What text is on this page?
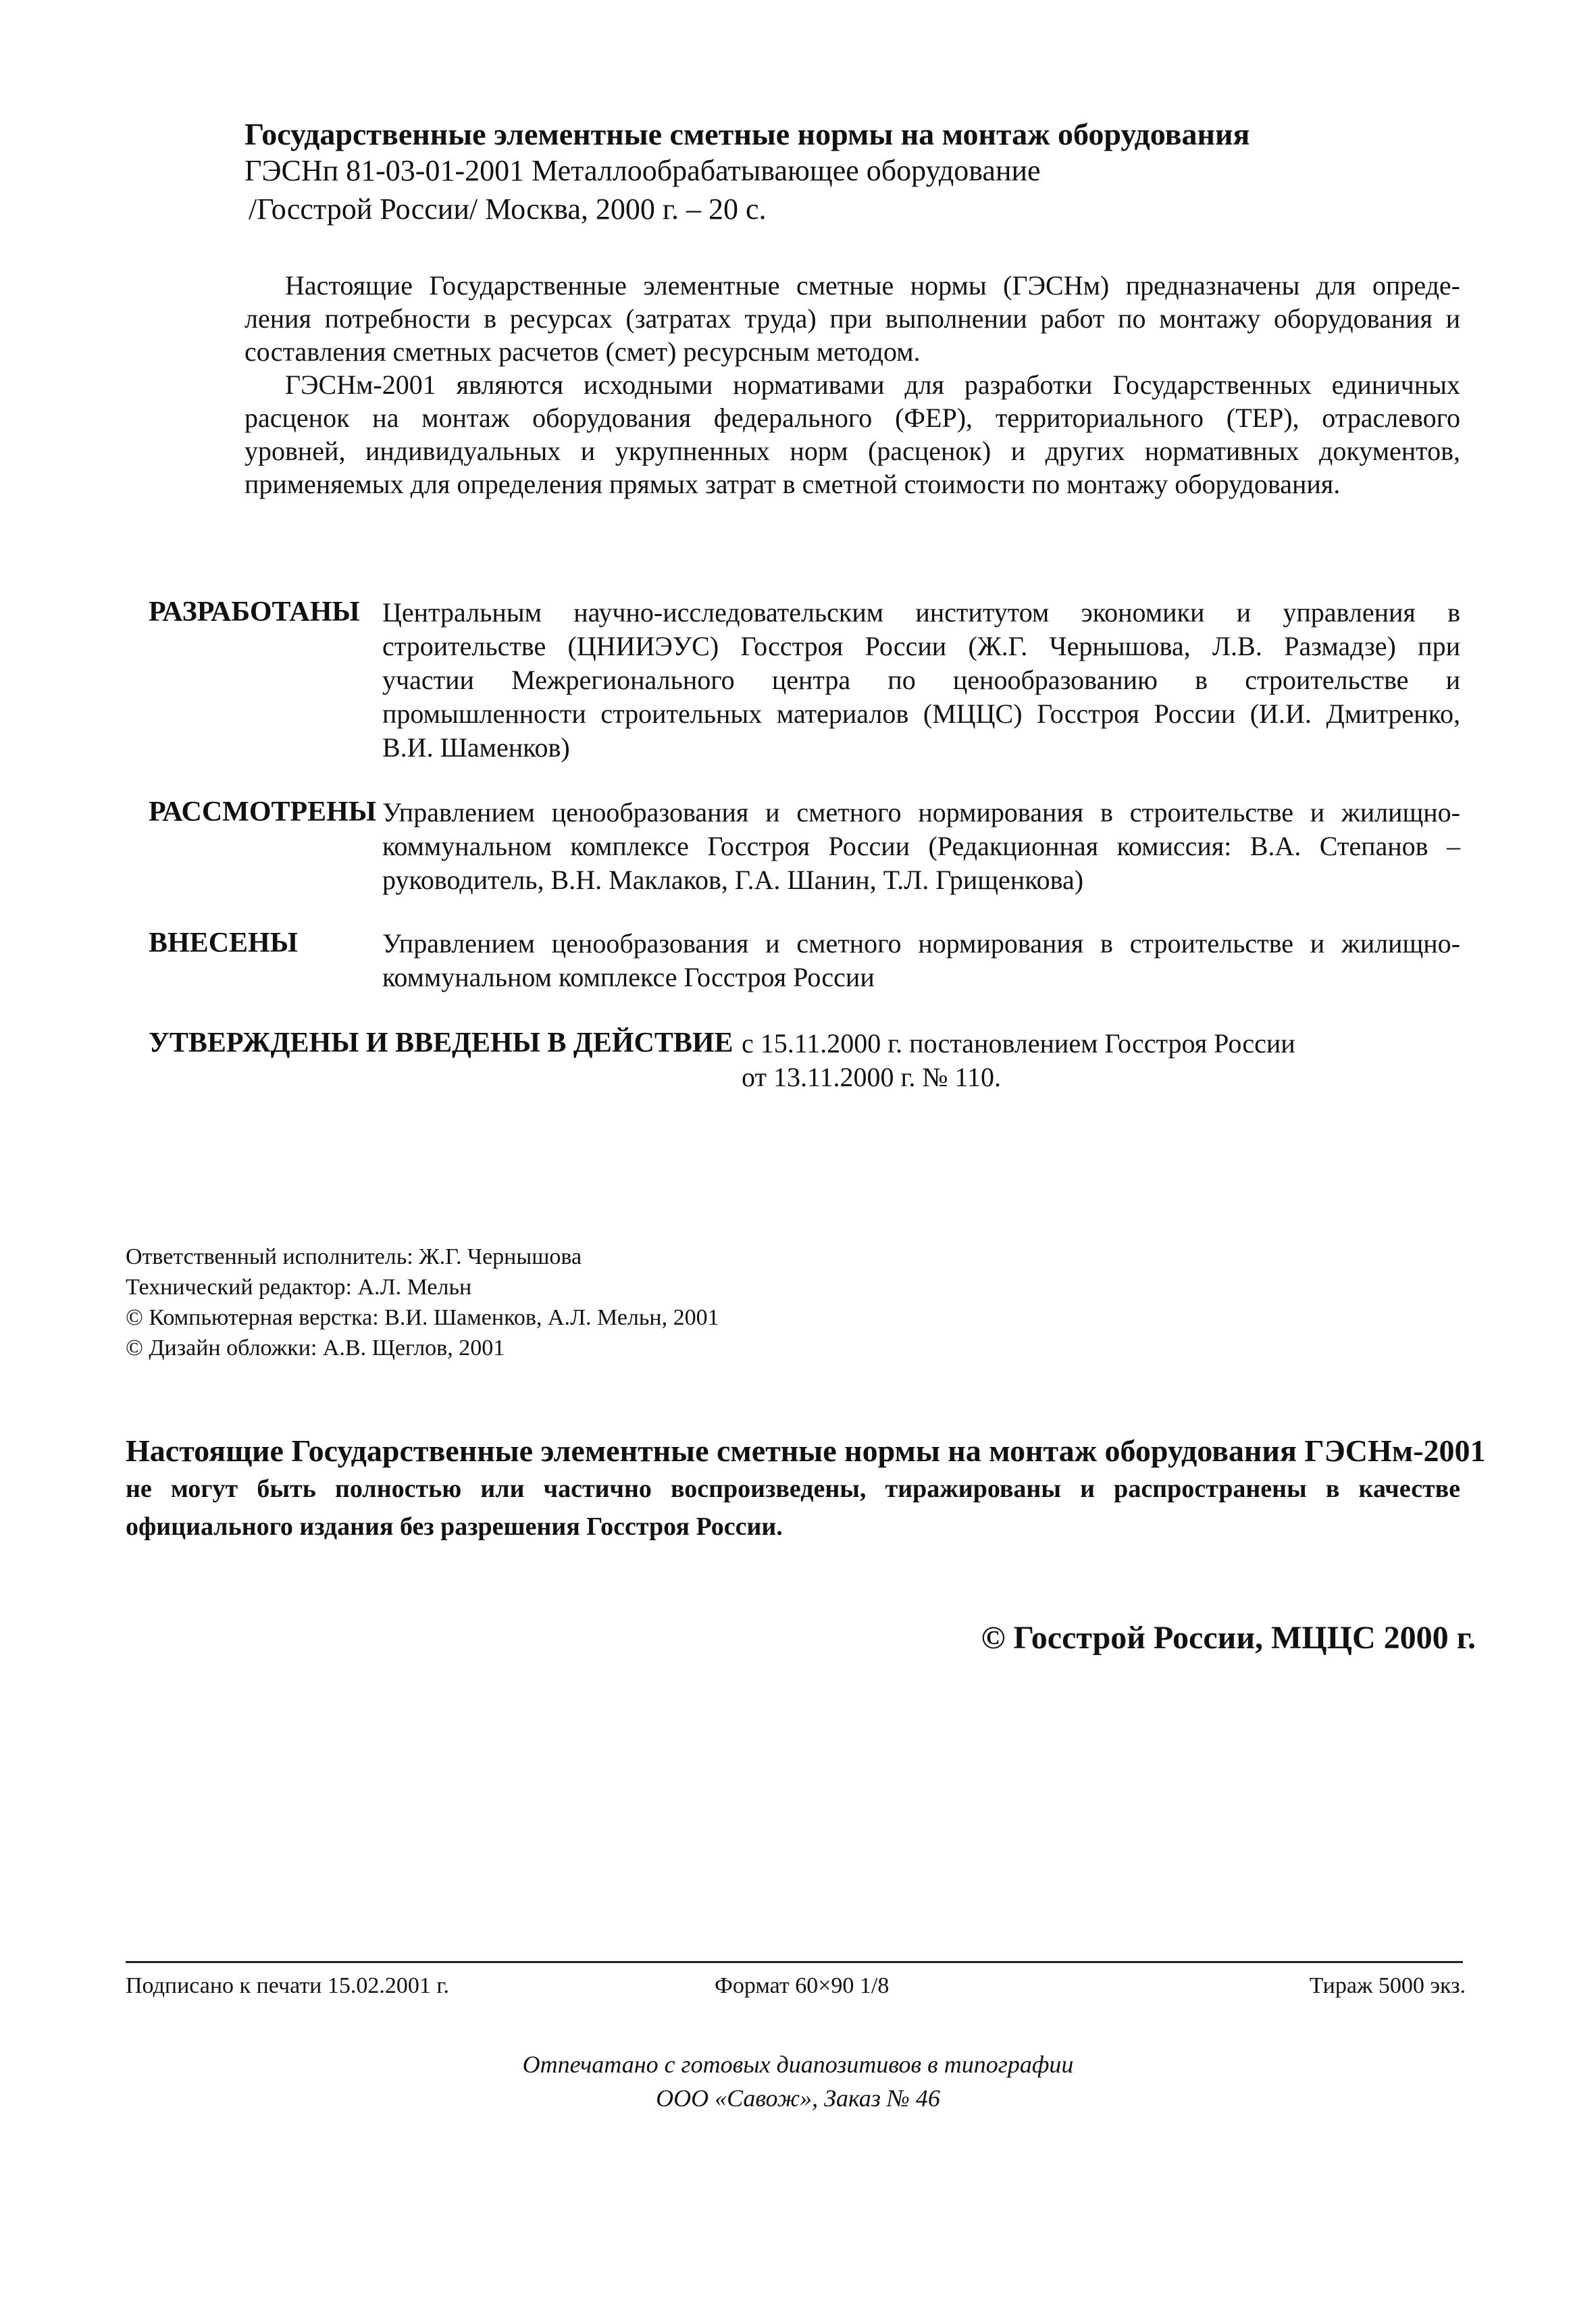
Государственные элементные сметные нормы на монтаж оборудования
ГЭСНп 81-03-01-2001 Металлообрабатывающее оборудование
/Госстрой России/ Москва, 2000 г. – 20 с.
Настоящие Государственные элементные сметные нормы (ГЭСНм) предназначены для опреде-
ления потребности в ресурсах (затратах труда) при выполнении работ по монтажу оборудования и
составления сметных расчетов (смет) ресурсным методом.
ГЭСНм-2001 являются исходными нормативами для разработки Государственных единичных
расценок на монтаж оборудования федерального (ФЕР), территориального (ТЕР), отраслевого
уровней, индивидуальных и укрупненных норм (расценок) и других нормативных документов,
применяемых для определения прямых затрат в сметной стоимости по монтажу оборудования.
РАЗРАБОТАНЫ Центральным научно-исследовательским институтом экономики и управления в
строительстве (ЦНИИЭУС) Госстроя России (Ж.Г. Чернышова, Л.В. Размадзе) при
участии Межрегионального центра по ценообразованию в строительстве и
промышленности строительных материалов (МЦЦС) Госстроя России (И.И. Дмитренко,
В.И. Шаменков)
РАССМОТРЕНЫ Управлением ценообразования и сметного нормирования в строительстве и жилищно-
коммунальном комплексе Госстроя России (Редакционная комиссия: В.А. Степанов –
руководитель, В.Н. Маклаков, Г.А. Шанин, Т.Л. Грищенкова)
ВНЕСЕНЫ	Управлением ценообразования и сметного нормирования в строительстве и жилищно-
коммунальном комплексе Госстроя России
УТВЕРЖДЕНЫ И ВВЕДЕНЫ В ДЕЙСТВИЕ с 15.11.2000 г. постановлением Госстроя России
от 13.11.2000 г. № 110.
Ответственный исполнитель: Ж.Г. Чернышова
Технический редактор: А.Л. Мельн
© Компьютерная верстка: В.И. Шаменков, А.Л. Мельн, 2001
© Дизайн обложки: А.В. Щеглов, 2001
Настоящие Государственные элементные сметные нормы на монтаж оборудования ГЭСНм-2001
не могут быть полностью или частично воспроизведены, тиражированы и распространены в качестве
официального издания без разрешения Госстроя России.
© Госстрой России, МЦЦС 2000 г.
Подписано к печати 15.02.2001 г.	Формат 60×90 1/8	Тираж 5000 экз.
Отпечатано с готовых диапозитивов в типографии
ООО «Савож», Заказ № 46
